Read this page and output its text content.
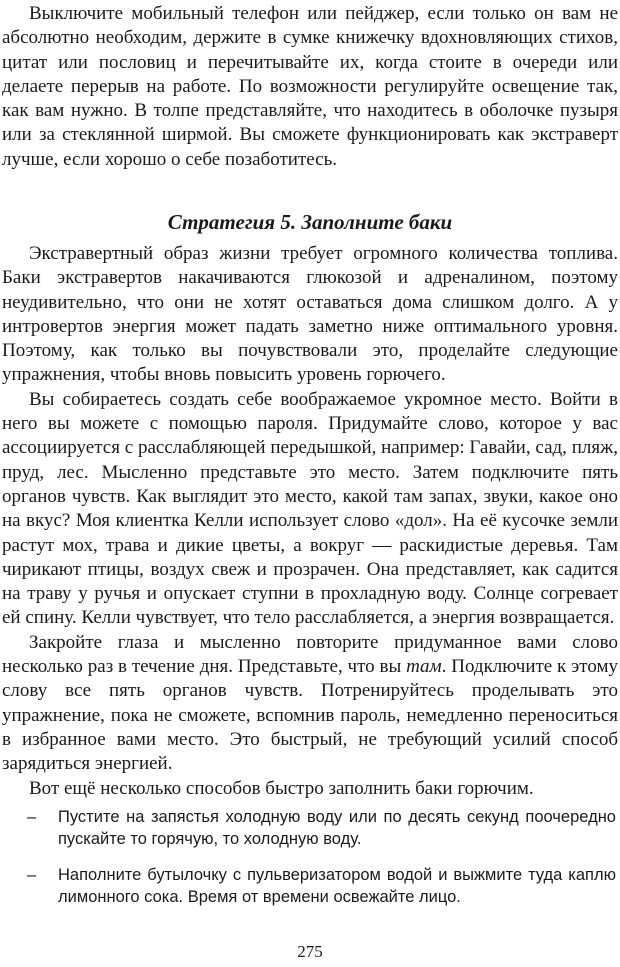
Выключите мобильный телефон или пейджер, если только он вам не абсолютно необходим, держите в сумке книжечку вдохновляющих стихов, цитат или пословиц и перечитывайте их, когда стоите в очереди или делаете перерыв на работе. По возможности регулируйте освещение так, как вам нужно. В толпе представляйте, что находитесь в оболочке пузыря или за стеклянной ширмой. Вы сможете функционировать как экстраверт лучше, если хорошо о себе позаботитесь.

Стратегия 5. Заполните баки

Экстравертный образ жизни требует огромного количества топлива. Баки экстравертов накачиваются глюкозой и адреналином, поэтому неудивительно, что они не хотят оставаться дома слишком долго. А у интровертов энергия может падать заметно ниже оптимального уровня. Поэтому, как только вы почувствовали это, проделайте следующие упражнения, чтобы вновь повысить уровень горючего.

Вы собираетесь создать себе воображаемое укромное место. Войти в него вы можете с помощью пароля. Придумайте слово, которое у вас ассоциируется с расслабляющей передышкой, например: Гавайи, сад, пляж, пруд, лес. Мысленно представьте это место. Затем подключите пять органов чувств. Как выглядит это место, какой там запах, звуки, какое оно на вкус? Моя клиентка Келли использует слово «дол». На её кусочке земли растут мох, трава и дикие цветы, а вокруг — раскидистые деревья. Там чирикают птицы, воздух свеж и прозрачен. Она представляет, как садится на траву у ручья и опускает ступни в прохладную воду. Солнце согревает ей спину. Келли чувствует, что тело расслабляется, а энергия возвращается.

Закройте глаза и мысленно повторите придуманное вами слово несколько раз в течение дня. Представьте, что вы там. Подключите к этому слову все пять органов чувств. Потренируйтесь проделывать это упражнение, пока не сможете, вспомнив пароль, немедленно переноситься в избранное вами место. Это быстрый, не требующий усилий способ зарядиться энергией.

Вот ещё несколько способов быстро заполнить баки горючим.

– Пустите на запястья холодную воду или по десять секунд поочередно пускайте то горячую, то холодную воду.
– Наполните бутылочку с пульверизатором водой и выжмите туда каплю лимонного сока. Время от времени освежайте лицо.
275
